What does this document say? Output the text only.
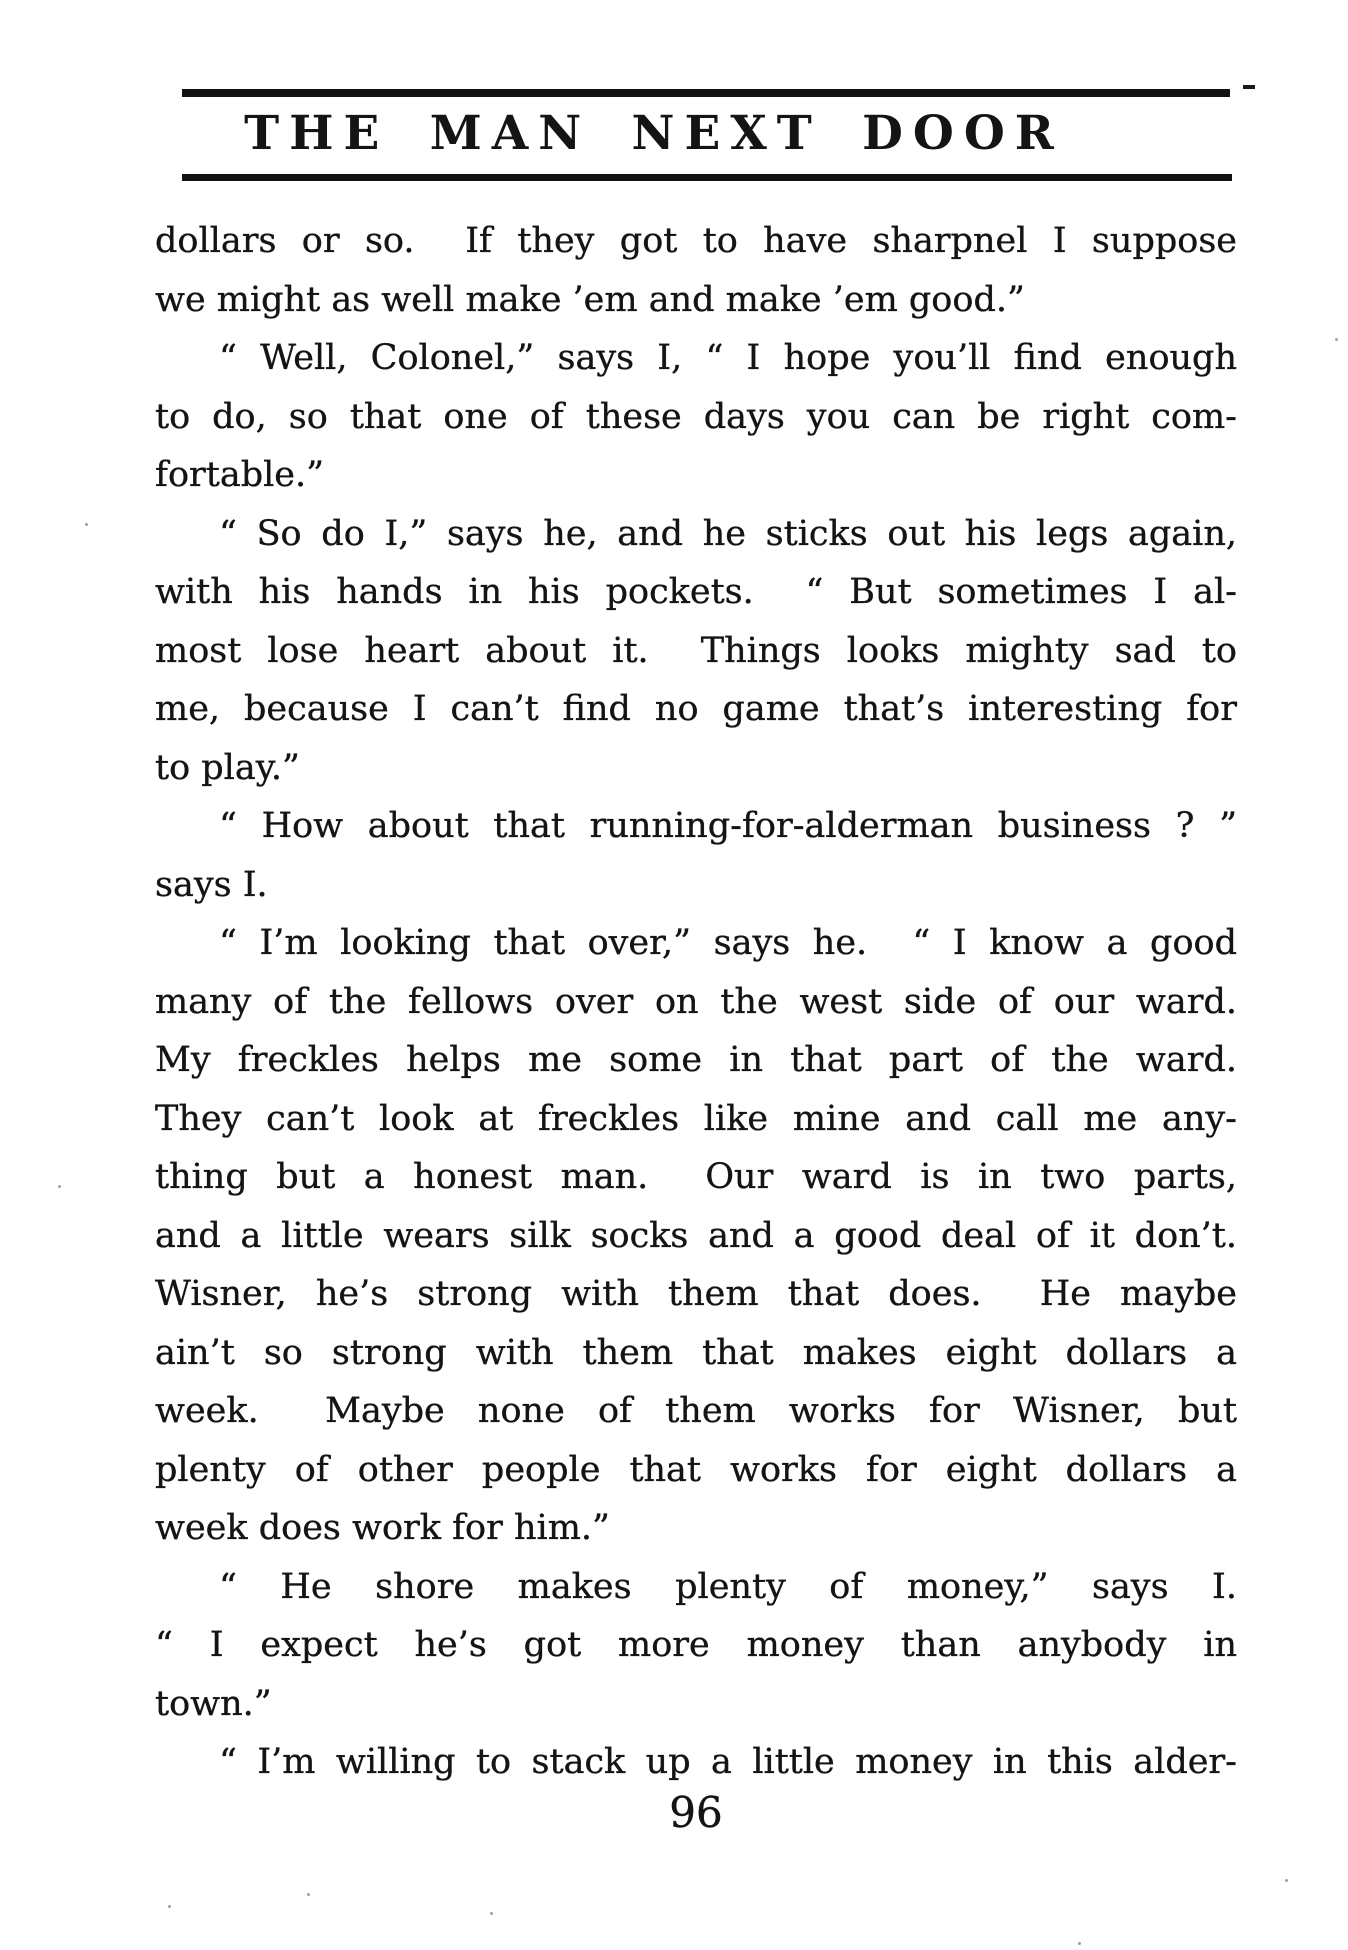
THE MAN NEXT DOOR
dollars or so.  If they got to have sharpnel I suppose
we might as well make ’em and make ’em good.”
“ Well, Colonel,” says I, “ I hope you’ll find enough
to do, so that one of these days you can be right com-
fortable.”
“ So do I,” says he, and he sticks out his legs again,
with his hands in his pockets.  “ But sometimes I al-
most lose heart about it.  Things looks mighty sad to
me, because I can’t find no game that’s interesting for
to play.”
“ How about that running-for-alderman business ? ”
says I.
“ I’m looking that over,” says he.  “ I know a good
many of the fellows over on the west side of our ward.
My freckles helps me some in that part of the ward.
They can’t look at freckles like mine and call me any-
thing but a honest man.  Our ward is in two parts,
and a little wears silk socks and a good deal of it don’t.
Wisner, he’s strong with them that does.  He maybe
ain’t so strong with them that makes eight dollars a
week.  Maybe none of them works for Wisner, but
plenty of other people that works for eight dollars a
week does work for him.”
“ He shore makes plenty of money,” says I.
“ I expect he’s got more money than anybody in
town.”
“ I’m willing to stack up a little money in this alder-
96
